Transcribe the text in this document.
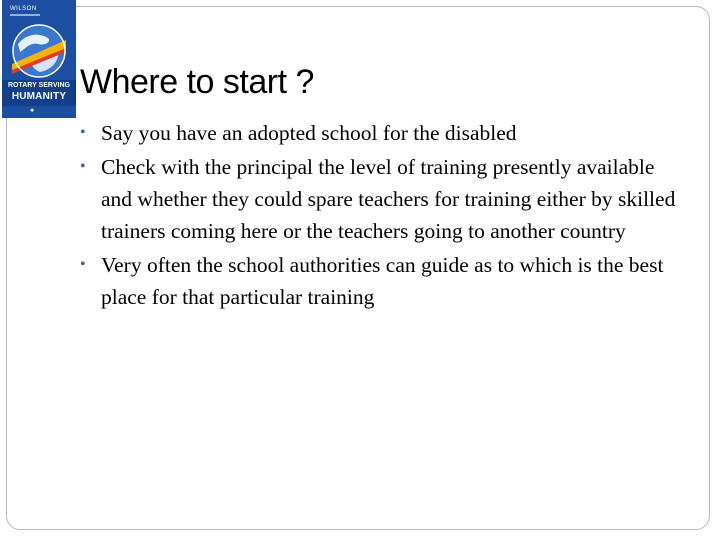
WILSON
ROTARY SERVING
HUMANITY
✸
Where to start ?
• Say you have an adopted school for the disabled
• Check with the principal the level of training presently available and whether they could spare teachers for training either by skilled trainers coming here or the teachers going to another country
• Very often the school authorities can guide as to which is the best place for that particular training
